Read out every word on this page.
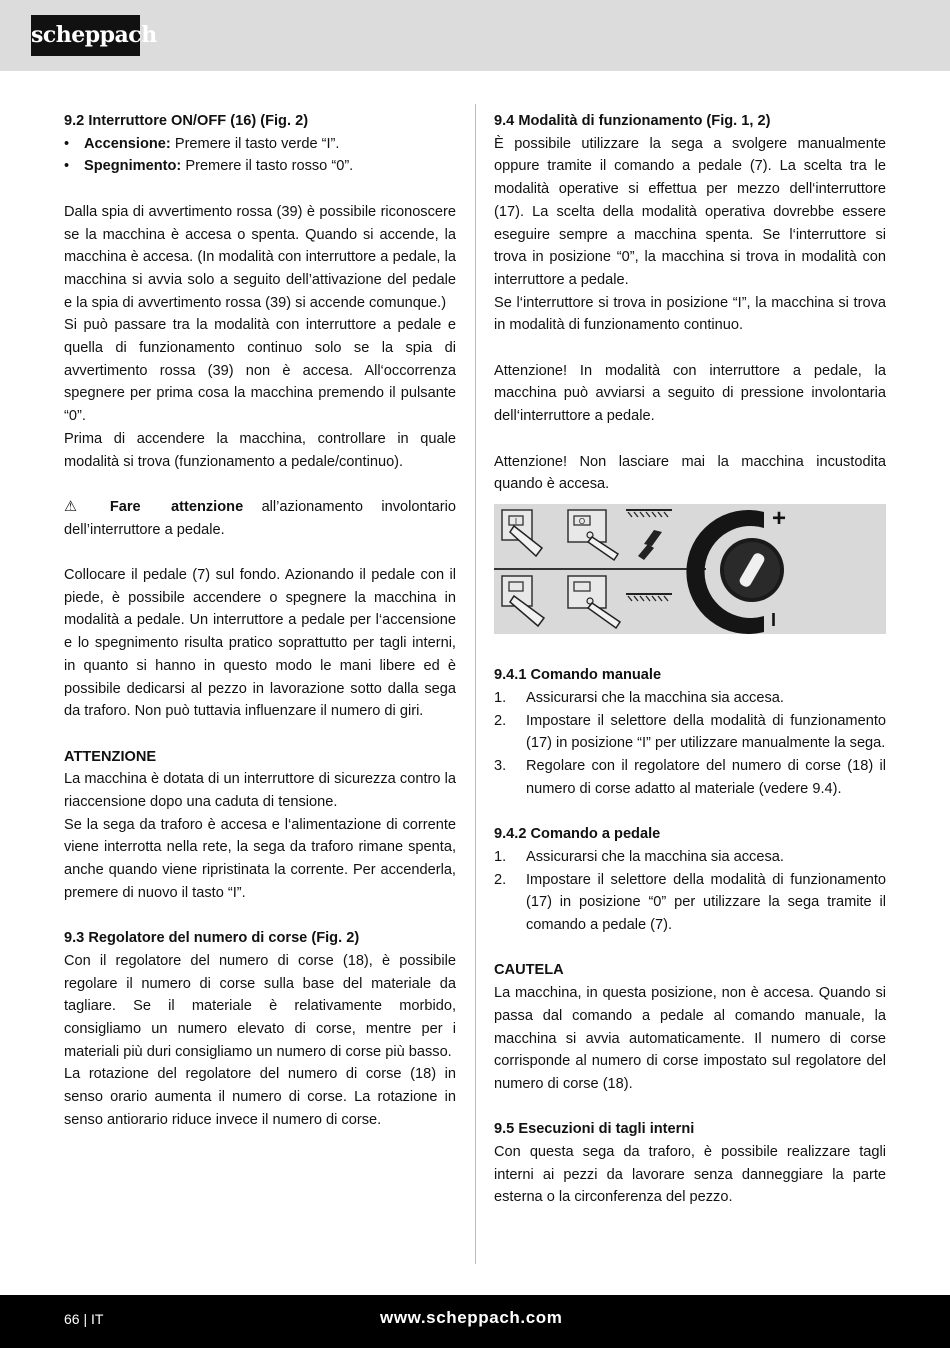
scheppach

9.2 Interruttore ON/OFF (16) (Fig. 2)

• Accensione: Premere il tasto verde “I”.
• Spegnimento: Premere il tasto rosso “0”.

Dalla spia di avvertimento rossa (39) è possibile riconoscere se la macchina è accesa o spenta. Quando si accende, la macchina è accesa. (In modalità con interruttore a pedale, la macchina si avvia solo a seguito dell’attivazione del pedale e la spia di avvertimento rossa (39) si accende comunque.)

Si può passare tra la modalità con interruttore a pedale e quella di funzionamento continuo solo se la spia di avvertimento rossa (39) non è accesa. All‘occorrenza spegnere per prima cosa la macchina premendo il pulsante “0”.

Prima di accendere la macchina, controllare in quale modalità si trova (funzionamento a pedale/continuo).

⚠ Fare attenzione all’azionamento involontario dell’interruttore a pedale.

Collocare il pedale (7) sul fondo. Azionando il pedale con il piede, è possibile accendere o spegnere la macchina in modalità a pedale. Un interruttore a pedale per l‘accensione e lo spegnimento risulta pratico soprattutto per tagli interni, in quanto si hanno in questo modo le mani libere ed è possibile dedicarsi al pezzo in lavorazione sotto dalla sega da traforo. Non può tuttavia influenzare il numero di giri.

ATTENZIONE

La macchina è dotata di un interruttore di sicurezza contro la riaccensione dopo una caduta di tensione.

Se la sega da traforo è accesa e l‘alimentazione di corrente viene interrotta nella rete, la sega da traforo rimane spenta, anche quando viene ripristinata la corrente. Per accenderla, premere di nuovo il tasto “I”.

9.3 Regolatore del numero di corse (Fig. 2)

Con il regolatore del numero di corse (18), è possibile regolare il numero di corse sulla base del materiale da tagliare. Se il materiale è relativamente morbido, consigliamo un numero elevato di corse, mentre per i materiali più duri consigliamo un numero di corse più basso.

La rotazione del regolatore del numero di corse (18) in senso orario aumenta il numero di corse. La rotazione in senso antiorario riduce invece il numero di corse.

9.4 Modalità di funzionamento (Fig. 1, 2)

È possibile utilizzare la sega a svolgere manualmente oppure tramite il comando a pedale (7). La scelta tra le modalità operative si effettua per mezzo dell‘interruttore (17). La scelta della modalità operativa dovrebbe essere eseguire sempre a macchina spenta. Se l‘interruttore si trova in posizione “0”, la macchina si trova in modalità con interruttore a pedale.

Se l‘interruttore si trova in posizione “I”, la macchina si trova in modalità di funzionamento continuo.

Attenzione! In modalità con interruttore a pedale, la macchina può avviarsi a seguito di pressione involontaria dell‘interruttore a pedale.

Attenzione! Non lasciare mai la macchina incustodita quando è accesa.

I	O	+
I

9.4.1 Comando manuale

1. Assicurarsi che la macchina sia accesa.
2. Impostare il selettore della modalità di funzionamento (17) in posizione “I” per utilizzare manualmente la sega.
3. Regolare con il regolatore del numero di corse (18) il numero di corse adatto al materiale (vedere 9.4).

9.4.2 Comando a pedale

1. Assicurarsi che la macchina sia accesa.
2. Impostare il selettore della modalità di funzionamento (17) in posizione “0” per utilizzare la sega tramite il comando a pedale (7).

CAUTELA

La macchina, in questa posizione, non è accesa. Quando si passa dal comando a pedale al comando manuale, la macchina si avvia automaticamente. Il numero di corse corrisponde al numero di corse impostato sul regolatore del numero di corse (18).

9.5 Esecuzioni di tagli interni

Con questa sega da traforo, è possibile realizzare tagli interni ai pezzi da lavorare senza danneggiare la parte esterna o la circonferenza del pezzo.

66 | IT	www.scheppach.com
